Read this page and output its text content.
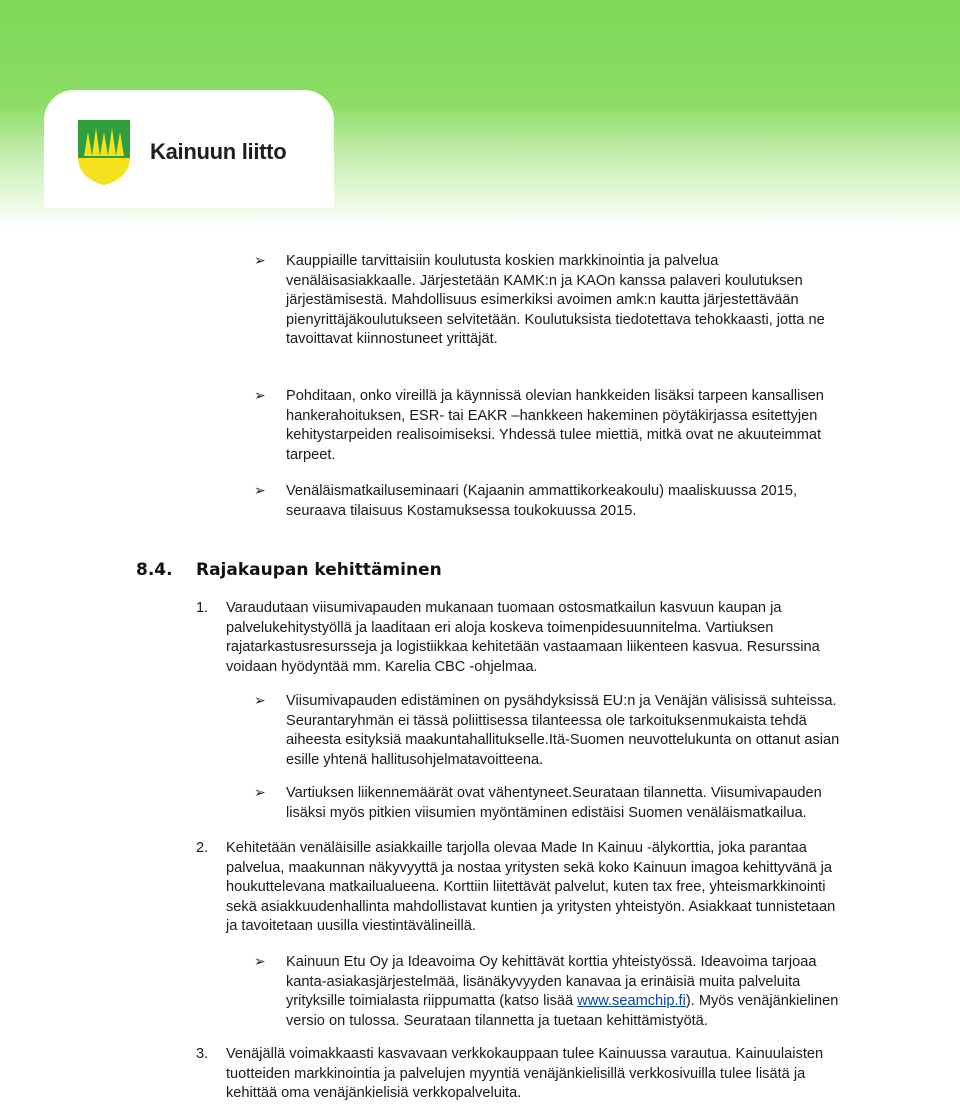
Kainuun liitto
➢ Kauppiaille tarvittaisiin koulutusta koskien markkinointia ja palvelua
venäläisasiakkaalle. Järjestetään KAMK:n ja KAOn kanssa palaveri koulutuksen
järjestämisestä. Mahdollisuus esimerkiksi avoimen amk:n kautta järjestettävään
pienyrittäjäkoulutukseen selvitetään. Koulutuksista tiedotettava tehokkaasti, jotta ne
tavoittavat kiinnostuneet yrittäjät.
➢ Pohditaan, onko vireillä ja käynnissä olevian hankkeiden lisäksi tarpeen kansallisen
hankerahoituksen, ESR- tai EAKR –hankkeen hakeminen pöytäkirjassa esitettyjen
kehitystarpeiden realisoimiseksi. Yhdessä tulee miettiä, mitkä ovat ne akuuteimmat
tarpeet.
➢ Venäläismatkailuseminaari (Kajaanin ammattikorkeakoulu) maaliskuussa 2015,
seuraava tilaisuus Kostamuksessa toukokuussa 2015.
8.4. Rajakaupan kehittäminen
1. Varaudutaan viisumivapauden mukanaan tuomaan ostosmatkailun kasvuun kaupan ja
palvelukehitystyöllä ja laaditaan eri aloja koskeva toimenpidesuunnitelma. Vartiuksen
rajatarkastusresursseja ja logistiikkaa kehitetään vastaamaan liikenteen kasvua. Resurssina
voidaan hyödyntää mm. Karelia CBC -ohjelmaa.
➢ Viisumivapauden edistäminen on pysähdyksissä EU:n ja Venäjän välisissä suhteissa.
Seurantaryhmän ei tässä poliittisessa tilanteessa ole tarkoituksenmukaista tehdä
aiheesta esityksiä maakuntahallitukselle.Itä-Suomen neuvottelukunta on ottanut asian
esille yhtenä hallitusohjelmatavoitteena.
➢ Vartiuksen liikennemäärät ovat vähentyneet.Seurataan tilannetta. Viisumivapauden
lisäksi myös pitkien viisumien myöntäminen edistäisi Suomen venäläismatkailua.
2. Kehitetään venäläisille asiakkaille tarjolla olevaa Made In Kainuu -älykorttia, joka parantaa
palvelua, maakunnan näkyvyyttä ja nostaa yritysten sekä koko Kainuun imagoa kehittyvänä ja
houkuttelevana matkailualueena. Korttiin liitettävät palvelut, kuten tax free, yhteismarkkinointi
sekä asiakkuudenhallinta mahdollistavat kuntien ja yritysten yhteistyön. Asiakkaat tunnistetaan
ja tavoitetaan uusilla viestintävälineillä.
➢ Kainuun Etu Oy ja Ideavoima Oy kehittävät korttia yhteistyössä. Ideavoima tarjoaa
kanta-asiakasjärjestelmää, lisänäkyvyyden kanavaa ja erinäisiä muita palveluita
yrityksille toimialasta riippumatta (katso lisää www.seamchip.fi). Myös venäjänkielinen
versio on tulossa. Seurataan tilannetta ja tuetaan kehittämistyötä.
3. Venäjällä voimakkaasti kasvavaan verkkokauppaan tulee Kainuussa varautua. Kainuulaisten
tuotteiden markkinointia ja palvelujen myyntiä venäjänkielisillä verkkosivuilla tulee lisätä ja
kehittää oma venäjänkielisiä verkkopalveluita.
